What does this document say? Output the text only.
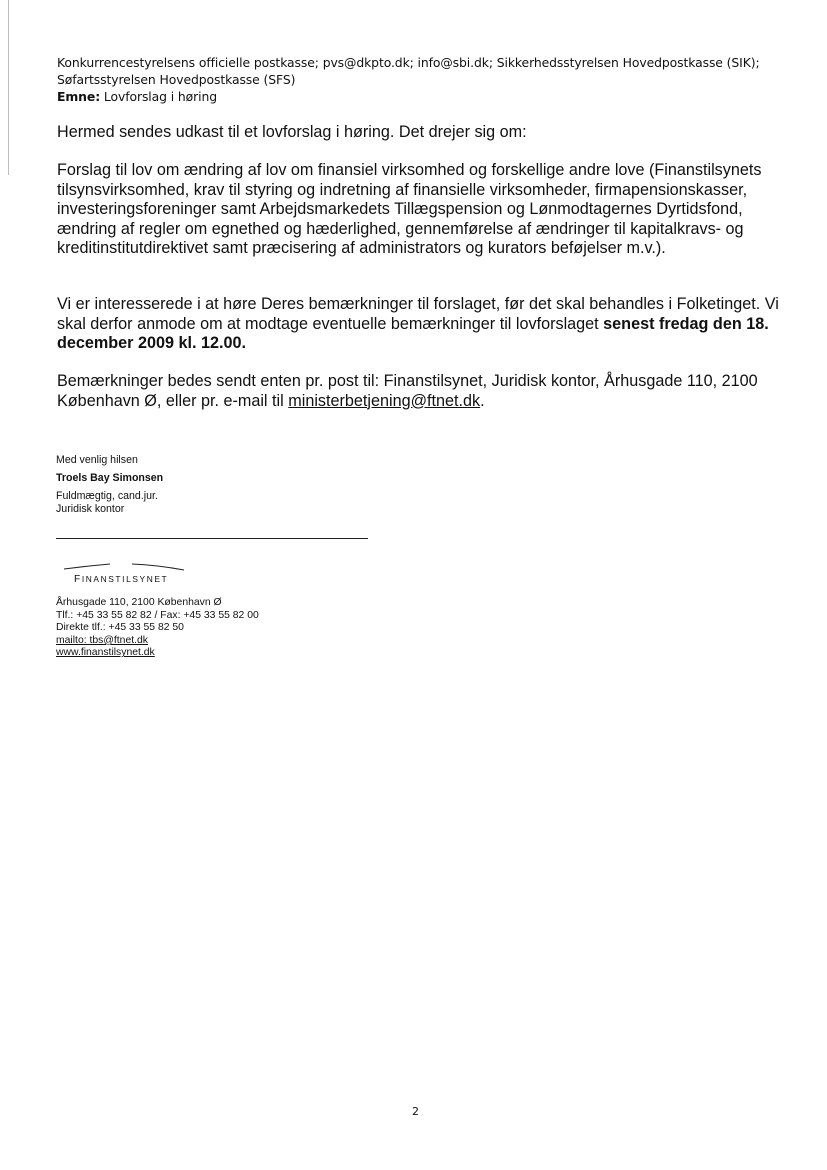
Konkurrencestyrelsens officielle postkasse; pvs@dkpto.dk; info@sbi.dk; Sikkerhedsstyrelsen Hovedpostkasse (SIK);
Søfartsstyrelsen Hovedpostkasse (SFS)
Emne: Lovforslag i høring

Hermed sendes udkast til et lovforslag i høring. Det drejer sig om:

Forslag til lov om ændring af lov om finansiel virksomhed og forskellige andre love (Finanstilsynets tilsynsvirksomhed, krav til styring og indretning af finansielle virksomheder, firmapensionskasser, investeringsforeninger samt Arbejdsmarkedets Tillægspension og Lønmodtagernes Dyrtidsfond, ændring af regler om egnethed og hæderlighed, gennemførelse af ændringer til kapitalkravs- og kreditinstitutdirektivet samt præcisering af administrators og kurators beføjelser m.v.).

Vi er interesserede i at høre Deres bemærkninger til forslaget, før det skal behandles i Folketinget. Vi skal derfor anmode om at modtage eventuelle bemærkninger til lovforslaget senest fredag den 18. december 2009 kl. 12.00.

Bemærkninger bedes sendt enten pr. post til: Finanstilsynet, Juridisk kontor, Århusgade 110, 2100 København Ø, eller pr. e-mail til ministerbetjening@ftnet.dk.

Med venlig hilsen
Troels Bay Simonsen
Fuldmægtig, cand.jur.
Juridisk kontor
FINANSTILSYNET
Århusgade 110, 2100 København Ø
Tlf.: +45 33 55 82 82 / Fax: +45 33 55 82 00
Direkte tlf.: +45 33 55 82 50
mailto: tbs@ftnet.dk
www.finanstilsynet.dk
2
